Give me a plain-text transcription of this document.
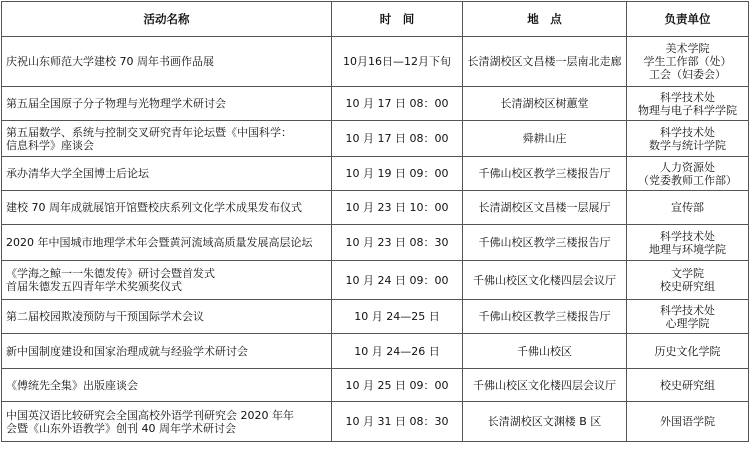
活动名称	时　间	地　点	负责单位

庆祝山东师范大学建校 70 周年书画作品展	10月16日—12月下旬	长清湖校区文昌楼一层南北走廊	美术学院
学生工作部（处）
工会（妇委会）

第五届全国原子分子物理与光物理学术研讨会	10 月 17 日 08：00	长清湖校区树蕙堂	科学技术处
物理与电子科学学院

第五届数学、系统与控制交叉研究青年论坛暨《中国科学：
信息科学》座谈会	10 月 17 日 08：00	舜耕山庄	科学技术处
数学与统计学院

承办清华大学全国博士后论坛	10 月 19 日 09：00	千佛山校区教学三楼报告厅	人力资源处
（党委教师工作部）

建校 70 周年成就展馆开馆暨校庆系列文化学术成果发布仪式	10 月 23 日 10：00	长清湖校区文昌楼一层展厅	宣传部

2020 年中国城市地理学术年会暨黄河流域高质量发展高层论坛	10 月 23 日 08：30	千佛山校区教学三楼报告厅	科学技术处
地理与环境学院

《学海之鲸一一朱德发传》研讨会暨首发式
首届朱德发五四青年学术奖颁奖仪式	10 月 24 日 09：00	千佛山校区文化楼四层会议厅	文学院
校史研究组

第二届校园欺凌预防与干预国际学术会议	10 月 24—25 日	千佛山校区教学三楼报告厅	科学技术处
心理学院

新中国制度建设和国家治理成就与经验学术研讨会	10 月 24—26 日	千佛山校区	历史文化学院

《傅统先全集》出版座谈会	10 月 25 日 09：00	千佛山校区文化楼四层会议厅	校史研究组

中国英汉语比较研究会全国高校外语学刊研究会 2020 年年
会暨《山东外语教学》创刊 40 周年学术研讨会	10 月 31 日 08：30	长清湖校区文渊楼 B 区	外国语学院
